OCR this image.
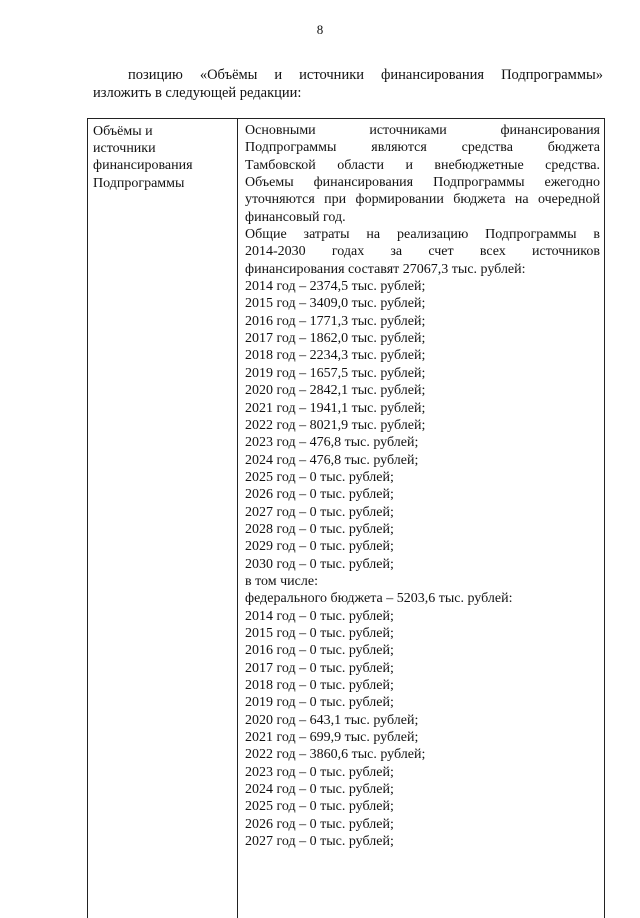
8
позицию «Объёмы и источники финансирования Подпрограммы»
изложить в следующей редакции:
Объёмы и
источники
финансирования
Подпрограммы
Основными источниками финансирования
Подпрограммы являются средства бюджета
Тамбовской области и внебюджетные средства.
Объемы финансирования Подпрограммы ежегодно
уточняются при формировании бюджета на очередной
финансовый год.
Общие затраты на реализацию Подпрограммы в
2014-2030 годах за счет всех источников
финансирования составят 27067,3 тыс. рублей:
2014 год – 2374,5 тыс. рублей;
2015 год – 3409,0 тыс. рублей;
2016 год – 1771,3 тыс. рублей;
2017 год – 1862,0 тыс. рублей;
2018 год – 2234,3 тыс. рублей;
2019 год – 1657,5 тыс. рублей;
2020 год – 2842,1 тыс. рублей;
2021 год – 1941,1 тыс. рублей;
2022 год – 8021,9 тыс. рублей;
2023 год – 476,8 тыс. рублей;
2024 год – 476,8 тыс. рублей;
2025 год – 0 тыс. рублей;
2026 год – 0 тыс. рублей;
2027 год – 0 тыс. рублей;
2028 год – 0 тыс. рублей;
2029 год – 0 тыс. рублей;
2030 год – 0 тыс. рублей;
в том числе:
федерального бюджета – 5203,6 тыс. рублей:
2014 год – 0 тыс. рублей;
2015 год – 0 тыс. рублей;
2016 год – 0 тыс. рублей;
2017 год – 0 тыс. рублей;
2018 год – 0 тыс. рублей;
2019 год – 0 тыс. рублей;
2020 год – 643,1 тыс. рублей;
2021 год – 699,9 тыс. рублей;
2022 год – 3860,6 тыс. рублей;
2023 год – 0 тыс. рублей;
2024 год – 0 тыс. рублей;
2025 год – 0 тыс. рублей;
2026 год – 0 тыс. рублей;
2027 год – 0 тыс. рублей;
